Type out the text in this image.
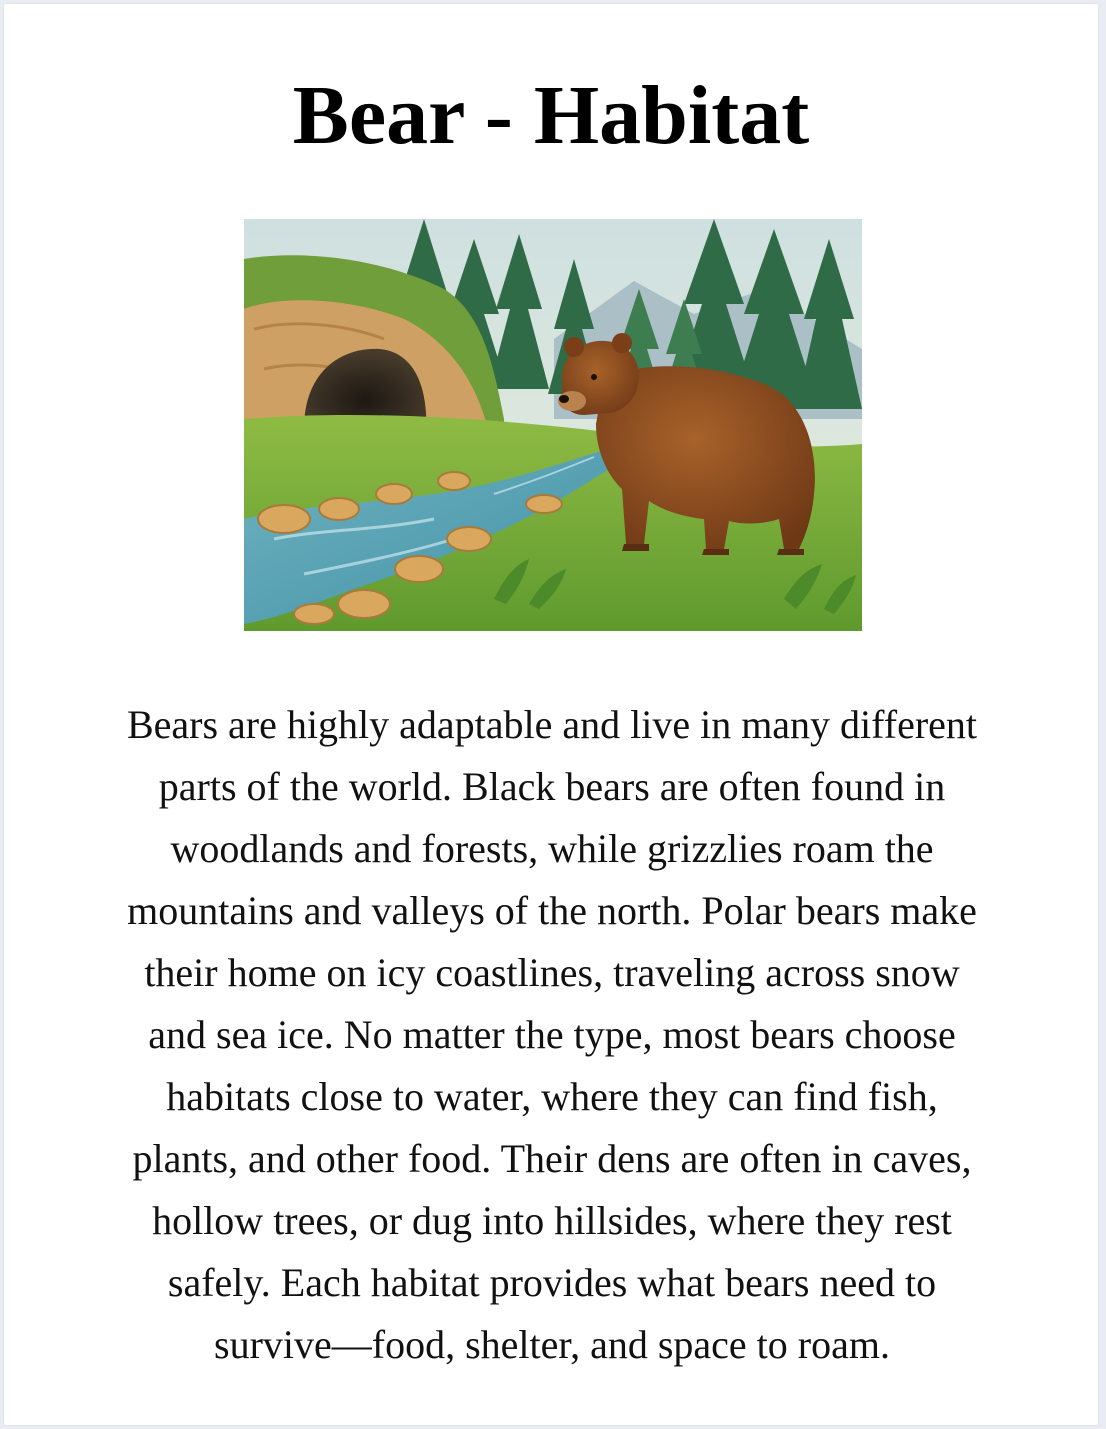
Bear - Habitat

Bears are highly adaptable and live in many different
parts of the world. Black bears are often found in
woodlands and forests, while grizzlies roam the
mountains and valleys of the north. Polar bears make
their home on icy coastlines, traveling across snow
and sea ice. No matter the type, most bears choose
habitats close to water, where they can find fish,
plants, and other food. Their dens are often in caves,
hollow trees, or dug into hillsides, where they rest
safely. Each habitat provides what bears need to
survive—food, shelter, and space to roam.
